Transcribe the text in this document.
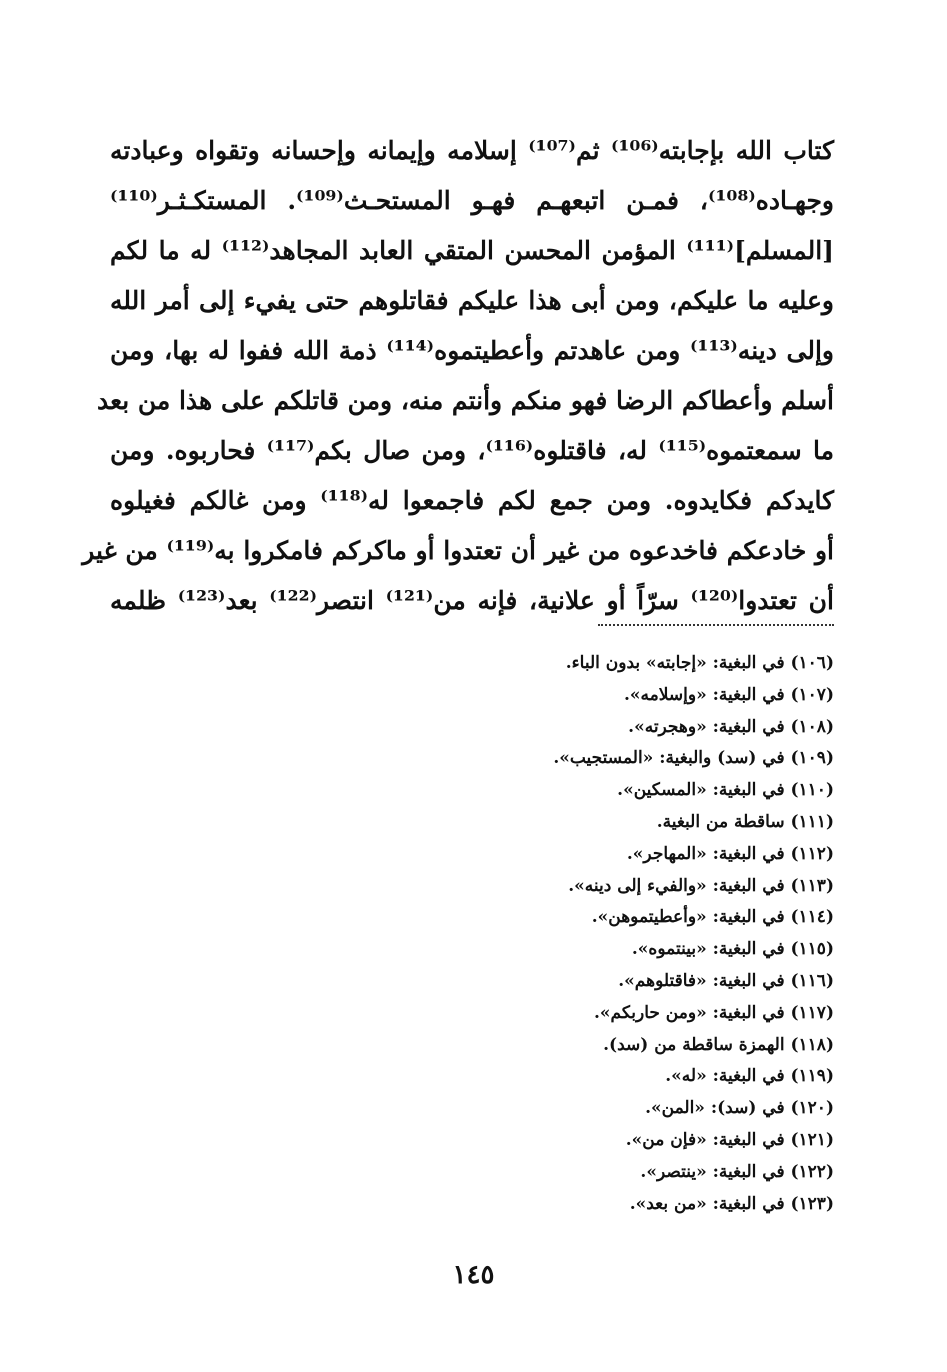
كتاب الله بإجابته⁽¹⁰⁶⁾ ثم⁽¹⁰⁷⁾ إسلامه وإيمانه وإحسانه وتقواه وعبادته
وجهـاده⁽¹⁰⁸⁾، فمـن اتبعهـم فهـو المستحـث⁽¹⁰⁹⁾. المستكـثـر⁽¹¹⁰⁾
[المسلم]⁽¹¹¹⁾ المؤمن المحسن المتقي العابد المجاهد⁽¹¹²⁾ له ما لكم
وعليه ما عليكم، ومن أبى هذا عليكم فقاتلوهم حتى يفيء إلى أمر الله
وإلى دينه⁽¹¹³⁾ ومن عاهدتم وأعطيتموه⁽¹¹⁴⁾ ذمة الله ففوا له بها، ومن
أسلم وأعطاكم الرضا فهو منكم وأنتم منه، ومن قاتلكم على هذا من بعد
ما سمعتموه⁽¹¹⁵⁾ له، فاقتلوه⁽¹¹⁶⁾، ومن صال بكم⁽¹¹⁷⁾ فحاربوه. ومن
كايدكم فكايدوه. ومن جمع لكم فاجمعوا له⁽¹¹⁸⁾ ومن غالكم فغيلوه
أو خادعكم فاخدعوه من غير أن تعتدوا أو ماكركم فامكروا به⁽¹¹⁹⁾ من غير
أن تعتدوا⁽¹²⁰⁾ سرّاً أو علانية، فإنه من⁽¹²¹⁾ انتصر⁽¹²²⁾ بعد⁽¹²³⁾ ظلمه
(١٠٦) في البغية: «إجابته» بدون الباء.
(١٠٧) في البغية: «وإسلامه».
(١٠٨) في البغية: «وهجرته».
(١٠٩) في (سد) والبغية: «المستجيب».
(١١٠) في البغية: «المسكين».
(١١١) ساقطة من البغية.
(١١٢) في البغية: «المهاجر».
(١١٣) في البغية: «والفيء إلى دينه».
(١١٤) في البغية: «وأعطيتموهن».
(١١٥) في البغية: «بينتموه».
(١١٦) في البغية: «فاقتلوهم».
(١١٧) في البغية: «ومن حاربكم».
(١١٨) الهمزة ساقطة من (سد).
(١١٩) في البغية: «له».
(١٢٠) في (سد): «المن».
(١٢١) في البغية: «فإن من».
(١٢٢) في البغية: «ينتصر».
(١٢٣) في البغية: «من بعد».
١٤٥
